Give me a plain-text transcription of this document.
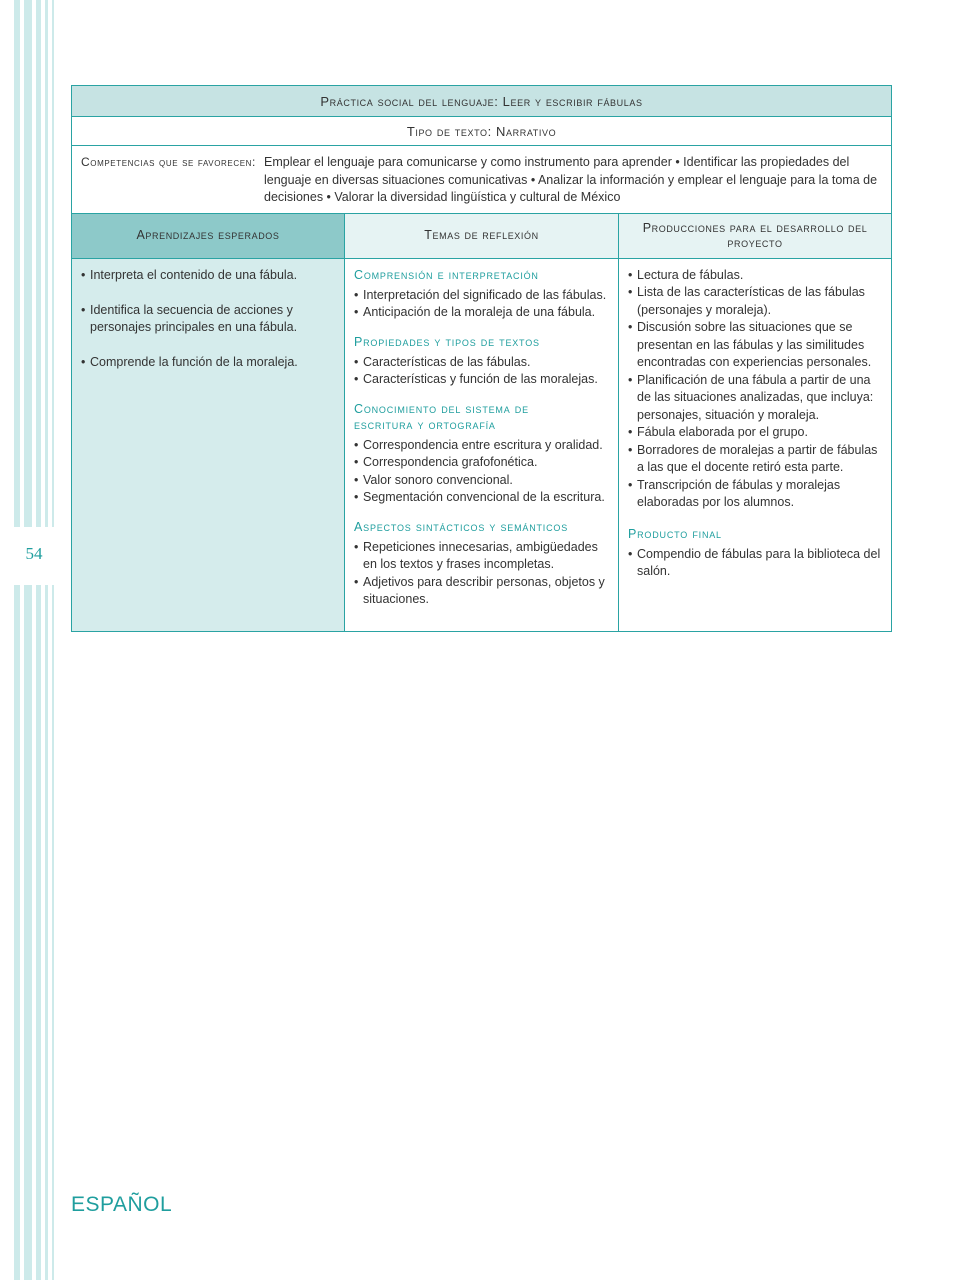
54
Práctica social del lenguaje: Leer y escribir fábulas
Tipo de texto: Narrativo
Competencias que se favorecen: Emplear el lenguaje para comunicarse y como instrumento para aprender • Identificar las propiedades del lenguaje en diversas situaciones comunicativas • Analizar la información y emplear el lenguaje para la toma de decisiones • Valorar la diversidad lingüística y cultural de México
Aprendizajes esperados	Temas de reflexión
Producciones para el desarrollo del proyecto
• Interpreta el contenido de una fábula.
• Identifica la secuencia de acciones y personajes principales en una fábula.
• Comprende la función de la moraleja.
Comprensión e interpretación
• Interpretación del significado de las fábulas.
• Anticipación de la moraleja de una fábula.
Propiedades y tipos de textos
• Características de las fábulas.
• Características y función de las moralejas.
Conocimiento del sistema de escritura y ortografía
• Correspondencia entre escritura y oralidad.
• Correspondencia grafofonética.
• Valor sonoro convencional.
• Segmentación convencional de la escritura.
Aspectos sintácticos y semánticos
• Repeticiones innecesarias, ambigüedades en los textos y frases incompletas.
• Adjetivos para describir personas, objetos y situaciones.
• Lectura de fábulas.
• Lista de las características de las fábulas (personajes y moraleja).
• Discusión sobre las situaciones que se presentan en las fábulas y las similitudes encontradas con experiencias personales.
• Planificación de una fábula a partir de una de las situaciones analizadas, que incluya: personajes, situación y moraleja.
• Fábula elaborada por el grupo.
• Borradores de moralejas a partir de fábulas a las que el docente retiró esta parte.
• Transcripción de fábulas y moralejas elaboradas por los alumnos.
Producto final
• Compendio de fábulas para la biblioteca del salón.
ESPAÑOL
